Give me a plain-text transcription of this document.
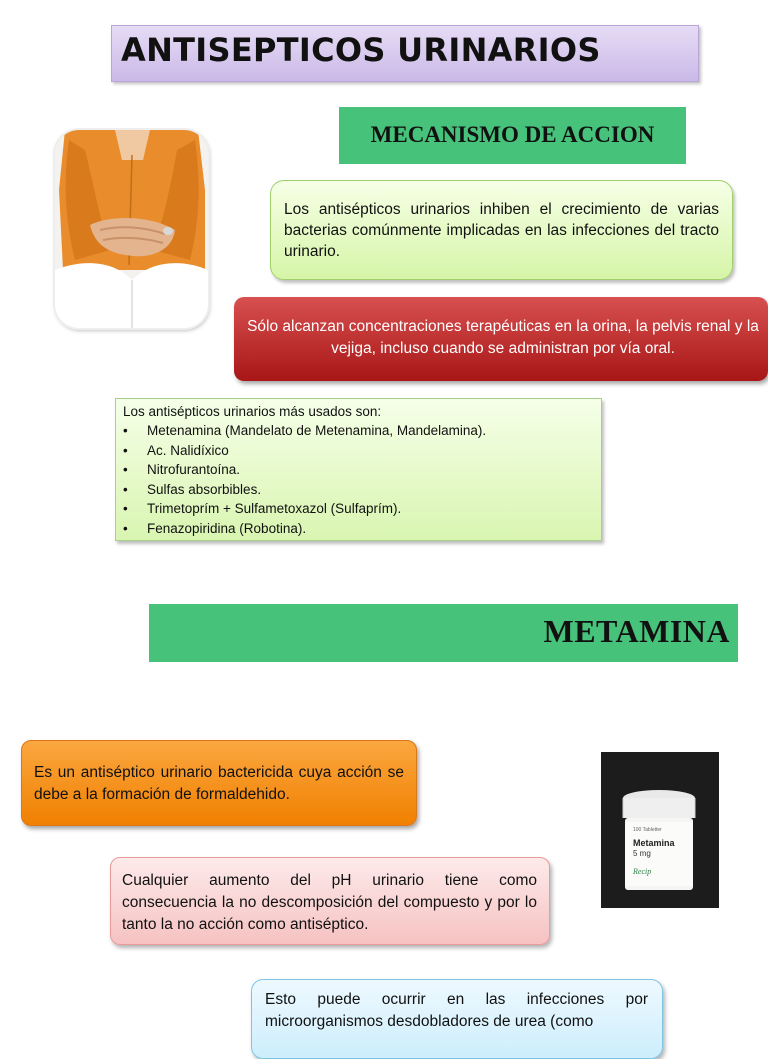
ANTISEPTICOS URINARIOS
MECANISMO DE ACCION
Los antisépticos urinarios inhiben el crecimiento de varias bacterias comúnmente implicadas en las infecciones del tracto urinario.
Sólo alcanzan concentraciones terapéuticas en la orina, la pelvis renal y la vejiga, incluso cuando se administran por vía oral.
Los antisépticos urinarios más usados son:
• Metenamina (Mandelato de Metenamina, Mandelamina).
• Ac. Nalidíxico
• Nitrofurantoína.
• Sulfas absorbibles.
• Trimetoprím + Sulfametoxazol (Sulfaprím).
• Fenazopiridina (Robotina).
METAMINA
Es un antiséptico urinario bactericida cuya acción se debe a la formación de formaldehido.
100 Tabletter
Metamina
5 mg
Recip
Cualquier aumento del pH urinario tiene como consecuencia la no descomposición del compuesto y por lo tanto la no acción como antiséptico.
Esto puede ocurrir en las infecciones por microorganismos desdobladores de urea (como
